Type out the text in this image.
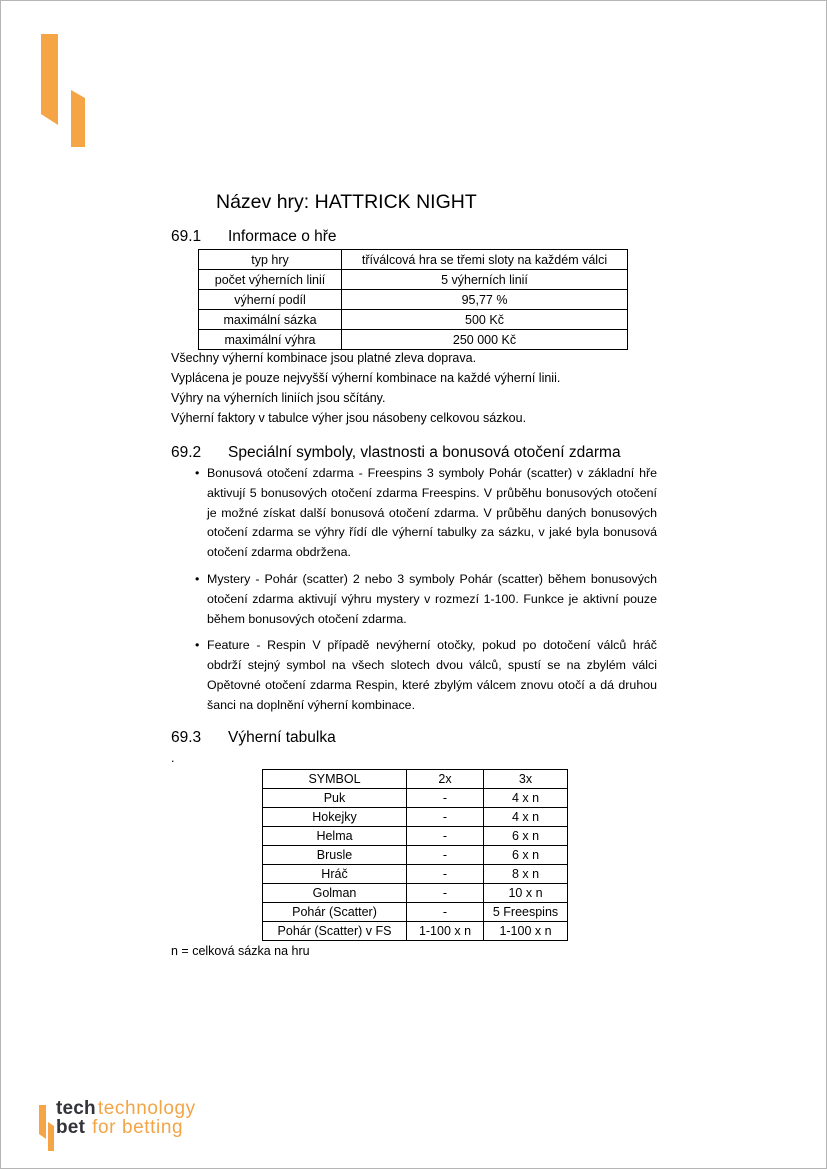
Název hry: HATTRICK NIGHT
69.1	Informace o hře
typ hry	tříválcová hra se třemi sloty na každém válci
počet výherních linií	5 výherních linií
výherní podíl	95,77 %
maximální sázka	500 Kč
maximální výhra	250 000 Kč
Všechny výherní kombinace jsou platné zleva doprava.
Vyplácena je pouze nejvyšší výherní kombinace na každé výherní linii.
Výhry na výherních liniích jsou sčítány.
Výherní faktory v tabulce výher jsou násobeny celkovou sázkou.
69.2	Speciální symboly, vlastnosti a bonusová otočení zdarma
• Bonusová otočení zdarma - Freespins 3 symboly Pohár (scatter) v základní hře aktivují 5 bonusových otočení zdarma Freespins. V průběhu bonusových otočení je možné získat další bonusová otočení zdarma. V průběhu daných bonusových otočení zdarma se výhry řídí dle výherní tabulky za sázku, v jaké byla bonusová otočení zdarma obdržena.
• Mystery - Pohár (scatter) 2 nebo 3 symboly Pohár (scatter) během bonusových otočení zdarma aktivují výhru mystery v rozmezí 1-100. Funkce je aktivní pouze během bonusových otočení zdarma.
• Feature - Respin V případě nevýherní otočky, pokud po dotočení válců hráč obdrží stejný symbol na všech slotech dvou válců, spustí se na zbylém válci Opětovné otočení zdarma Respin, které zbylým válcem znovu otočí a dá druhou šanci na doplnění výherní kombinace.
69.3	Výherní tabulka
.
SYMBOL	2x	3x
Puk	-	4 x n
Hokejky	-	4 x n
Helma	-	6 x n
Brusle	-	6 x n
Hráč	-	8 x n
Golman	-	10 x n
Pohár (Scatter)	-	5 Freespins
Pohár (Scatter) v FS	1-100 x n	1-100 x n
n = celková sázka na hru
tech technology
bet for betting
